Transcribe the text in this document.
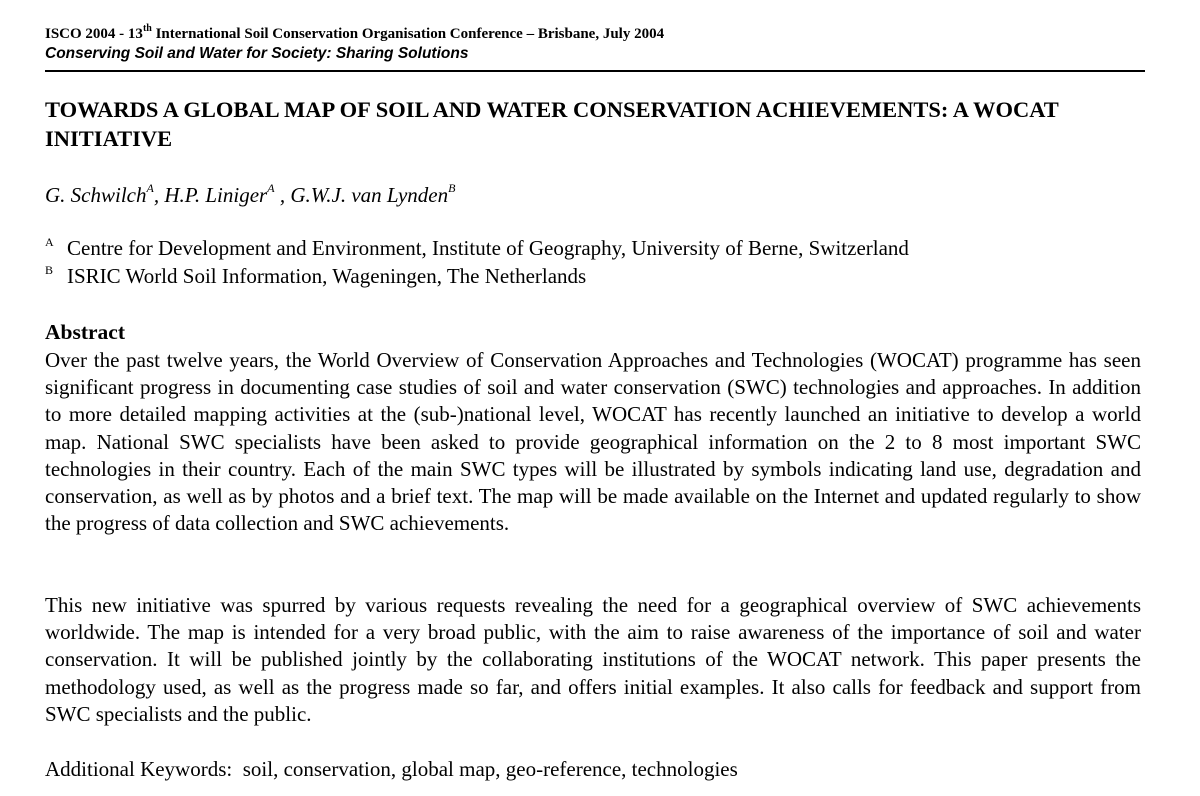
ISCO 2004 - 13th International Soil Conservation Organisation Conference – Brisbane, July 2004
Conserving Soil and Water for Society: Sharing Solutions
TOWARDS A GLOBAL MAP OF SOIL AND WATER CONSERVATION ACHIEVEMENTS: A WOCAT INITIATIVE
G. Schwilch$^A$, H.P. Liniger$^A$ , G.W.J. van Lynden$^B$
A Centre for Development and Environment, Institute of Geography, University of Berne, Switzerland
B ISRIC World Soil Information, Wageningen, The Netherlands
Abstract

Over the past twelve years, the World Overview of Conservation Approaches and Technologies (WOCAT) programme has seen significant progress in documenting case studies of soil and water conservation (SWC) technologies and approaches. In addition to more detailed mapping activities at the (sub-)national level, WOCAT has recently launched an initiative to develop a world map. National SWC specialists have been asked to provide geographical information on the 2 to 8 most important SWC technologies in their country. Each of the main SWC types will be illustrated by symbols indicating land use, degradation and conservation, as well as by photos and a brief text. The map will be made available on the Internet and updated regularly to show the progress of data collection and SWC achievements.

This new initiative was spurred by various requests revealing the need for a geographical overview of SWC achievements worldwide. The map is intended for a very broad public, with the aim to raise awareness of the importance of soil and water conservation. It will be published jointly by the collaborating institutions of the WOCAT network. This paper presents the methodology used, as well as the progress made so far, and offers initial examples. It also calls for feedback and support from SWC specialists and the public.

Additional Keywords:  soil, conservation, global map, geo-reference, technologies
